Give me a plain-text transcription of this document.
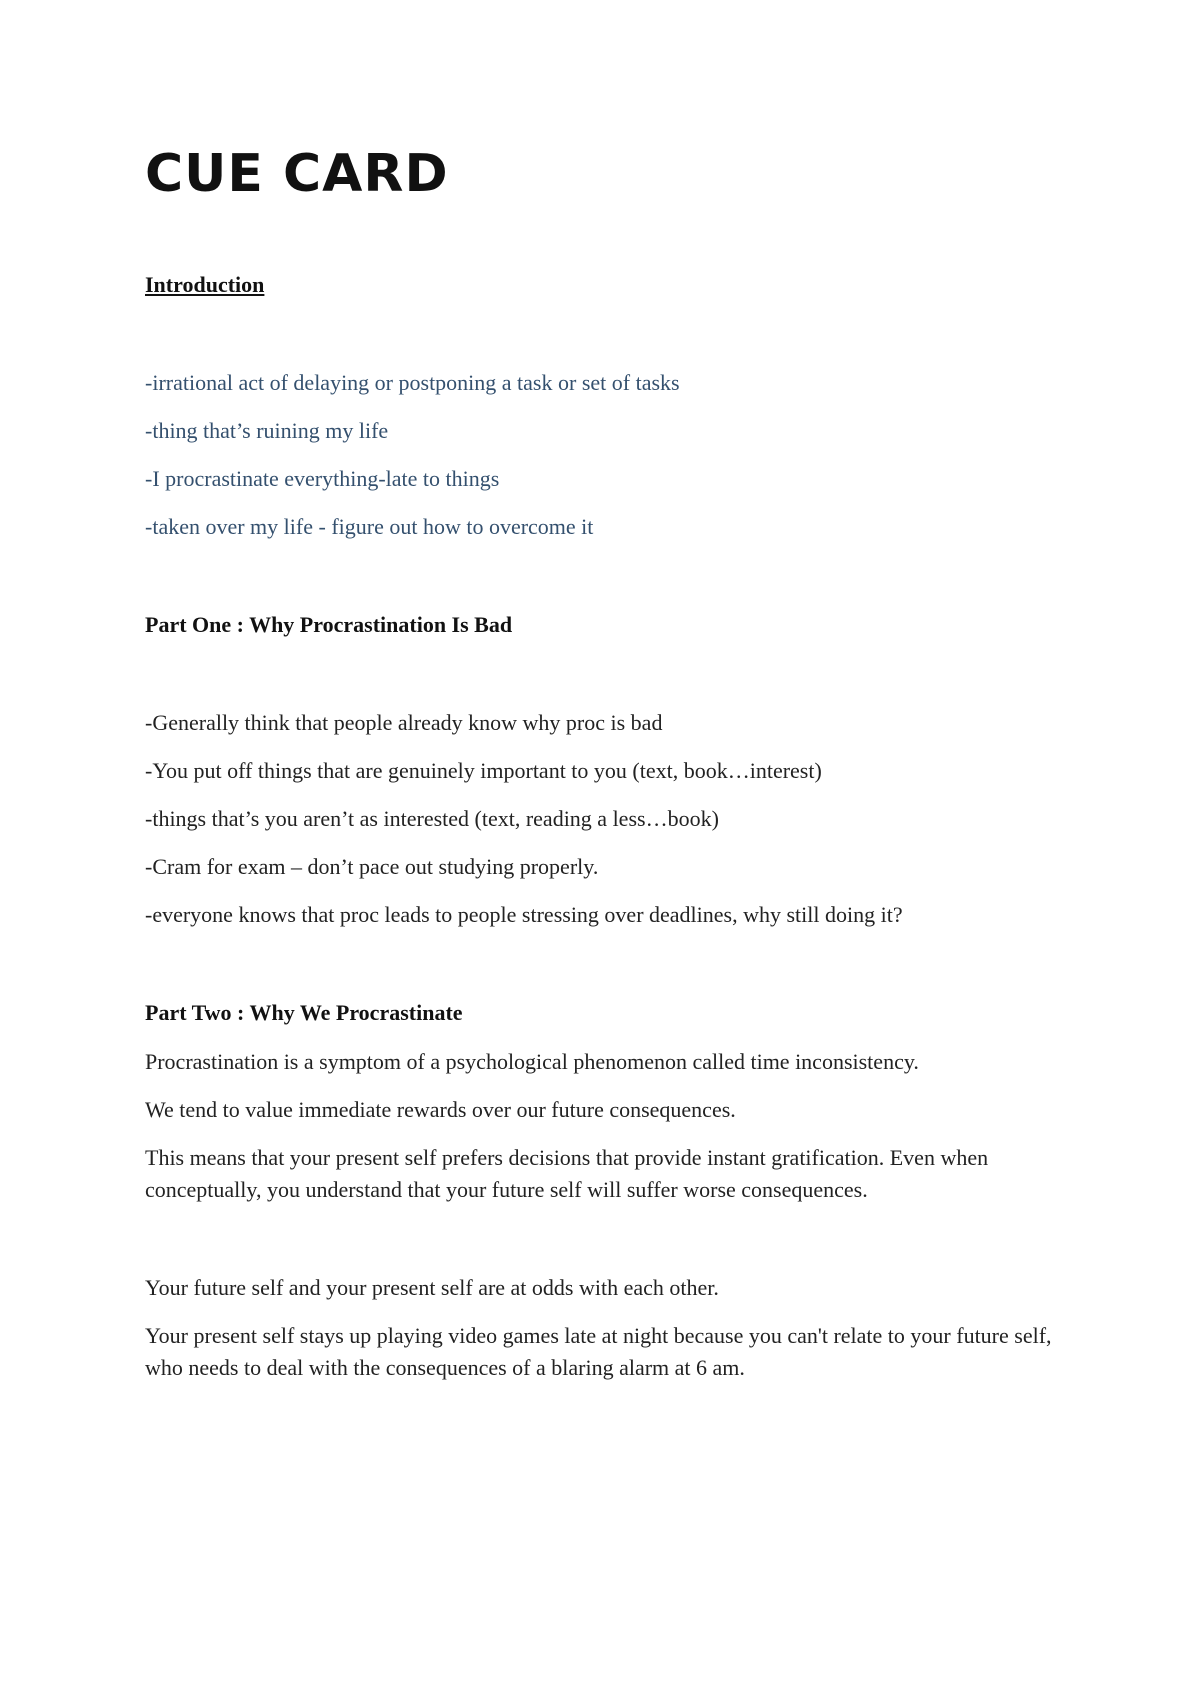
CUE CARD
Introduction

-irrational act of delaying or postponing a task or set of tasks

-thing that’s ruining my life

-I procrastinate everything-late to things

-taken over my life - figure out how to overcome it

Part One : Why Procrastination Is Bad

-Generally think that people already know why proc is bad

-You put off things that are genuinely important to you (text, book…interest)

-things that’s you aren’t as interested (text, reading a less…book)

-Cram for exam – don’t pace out studying properly.

-everyone knows that proc leads to people stressing over deadlines, why still doing it?

Part Two : Why We Procrastinate

Procrastination is a symptom of a psychological phenomenon called time inconsistency.

We tend to value immediate rewards over our future consequences.

This means that your present self prefers decisions that provide instant gratification. Even when conceptually, you understand that your future self will suffer worse consequences.

Your future self and your present self are at odds with each other.

Your present self stays up playing video games late at night because you can't relate to your future self, who needs to deal with the consequences of a blaring alarm at 6 am.
